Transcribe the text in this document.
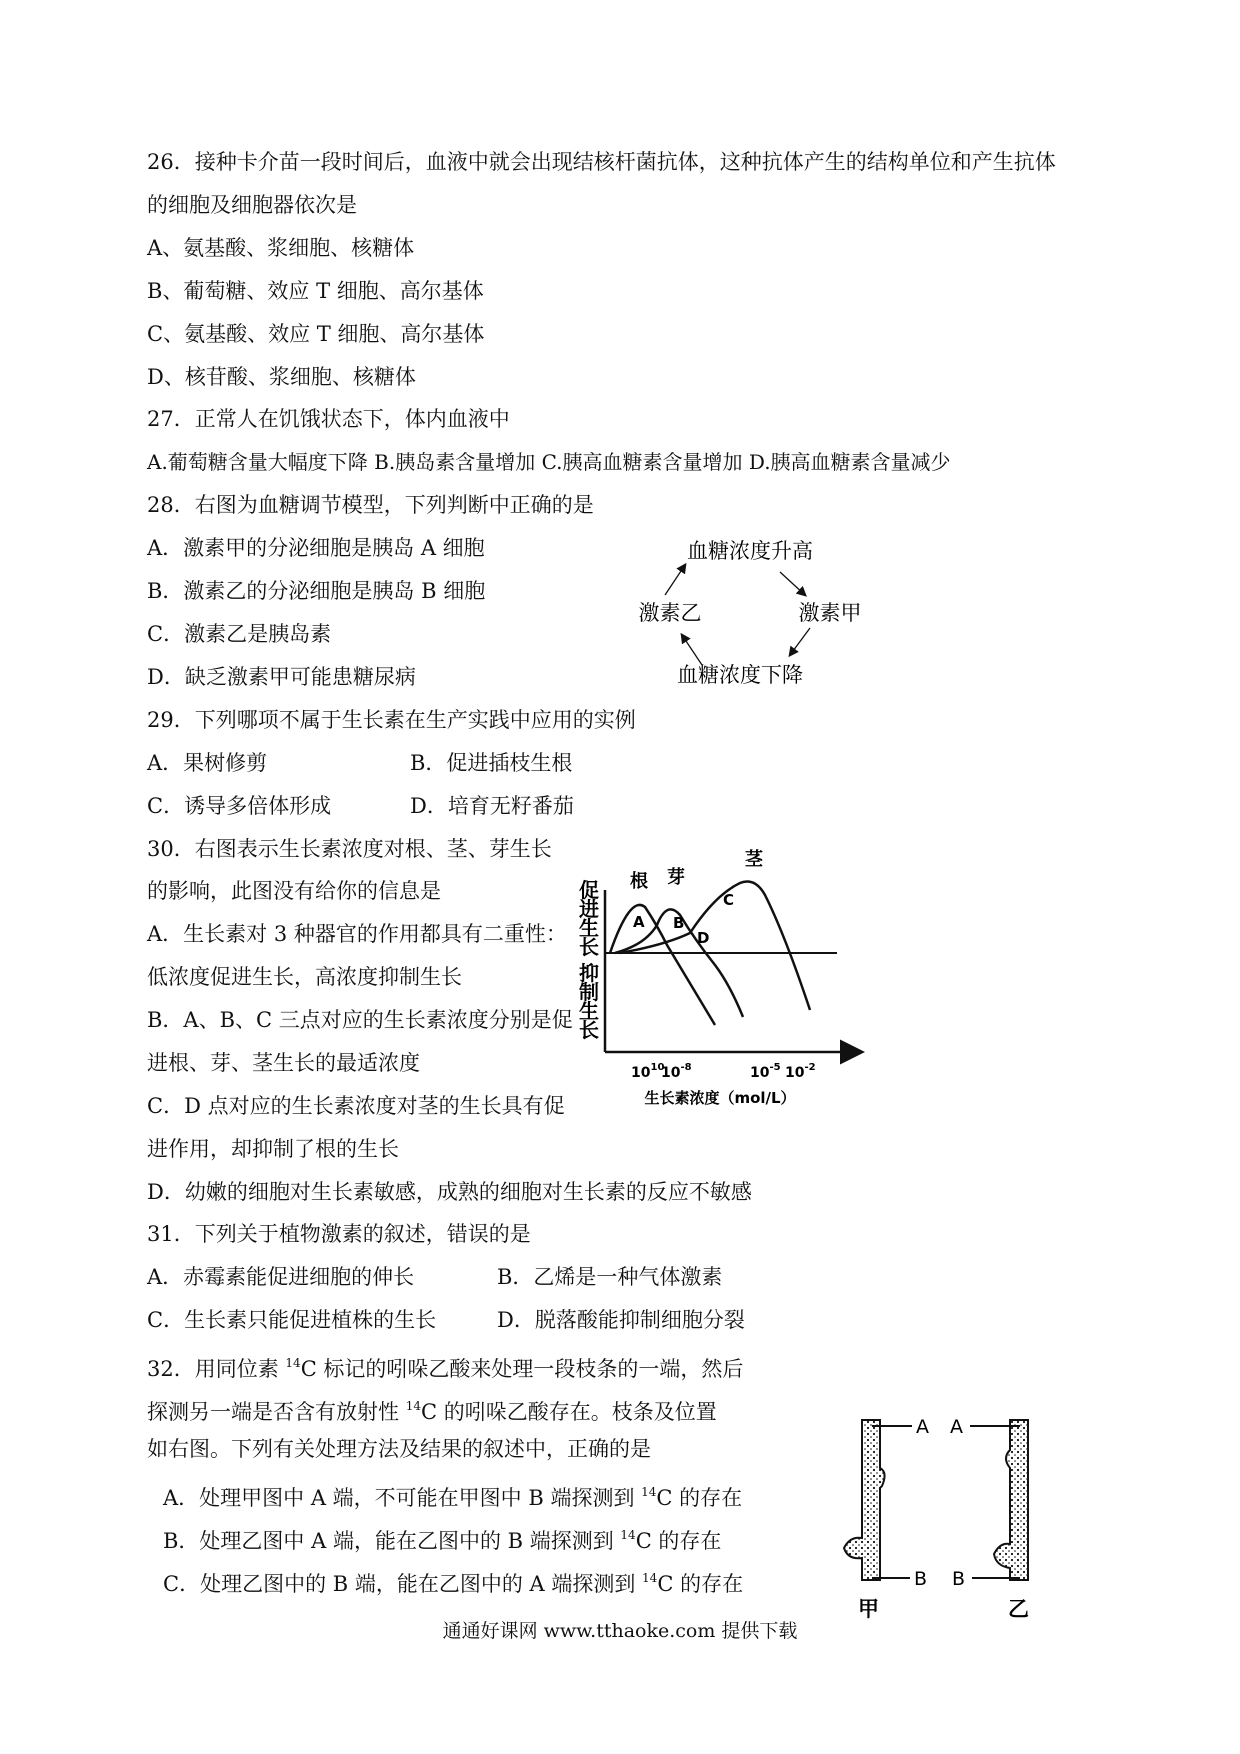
26．接种卡介苗一段时间后，血液中就会出现结核杆菌抗体，这种抗体产生的结构单位和产生抗体
的细胞及细胞器依次是
A、氨基酸、浆细胞、核糖体
B、葡萄糖、效应 T 细胞、高尔基体
C、氨基酸、效应 T 细胞、高尔基体
D、核苷酸、浆细胞、核糖体
27．正常人在饥饿状态下，体内血液中
A.葡萄糖含量大幅度下降 B.胰岛素含量增加 C.胰高血糖素含量增加 D.胰高血糖素含量减少
28．右图为血糖调节模型，下列判断中正确的是
A．激素甲的分泌细胞是胰岛 A 细胞
B．激素乙的分泌细胞是胰岛 B 细胞
C．激素乙是胰岛素
D．缺乏激素甲可能患糖尿病
血糖浓度升高
激素甲
血糖浓度下降
激素乙
29．下列哪项不属于生长素在生产实践中应用的实例
A．果树修剪	B．促进插枝生根
C．诱导多倍体形成	D．培育无籽番茄
30．右图表示生长素浓度对根、茎、芽生长
的影响，此图没有给你的信息是
A．生长素对 3 种器官的作用都具有二重性：
低浓度促进生长，高浓度抑制生长
B．A、B、C 三点对应的生长素浓度分别是促
进根、芽、茎生长的最适浓度
C．D 点对应的生长素浓度对茎的生长具有促
进作用，却抑制了根的生长
D．幼嫩的细胞对生长素敏感，成熟的细胞对生长素的反应不敏感
促
进
生
长
抑
制
生
长
根 芽
茎
A B
C
D
$10^{10}$
$10^{-8}$	$10^{-5}$ $10^{-2}$
生长素浓度（mol/L）
31．下列关于植物激素的叙述，错误的是
A．赤霉素能促进细胞的伸长	B．乙烯是一种气体激素
C．生长素只能促进植株的生长	D．脱落酸能抑制细胞分裂
32．用同位素 $^{14}$C 标记的吲哚乙酸来处理一段枝条的一端，然后
探测另一端是否含有放射性 $^{14}$C 的吲哚乙酸存在。枝条及位置
如右图。下列有关处理方法及结果的叙述中，正确的是
A．处理甲图中 A 端，不可能在甲图中 B 端探测到 $^{14}$C 的存在
B．处理乙图中 A 端，能在乙图中的 B 端探测到 $^{14}$C 的存在
C．处理乙图中的 B 端，能在乙图中的 A 端探测到 $^{14}$C 的存在
A
B
甲
A
B
乙
通通好课网 www.tthaoke.com 提供下载
